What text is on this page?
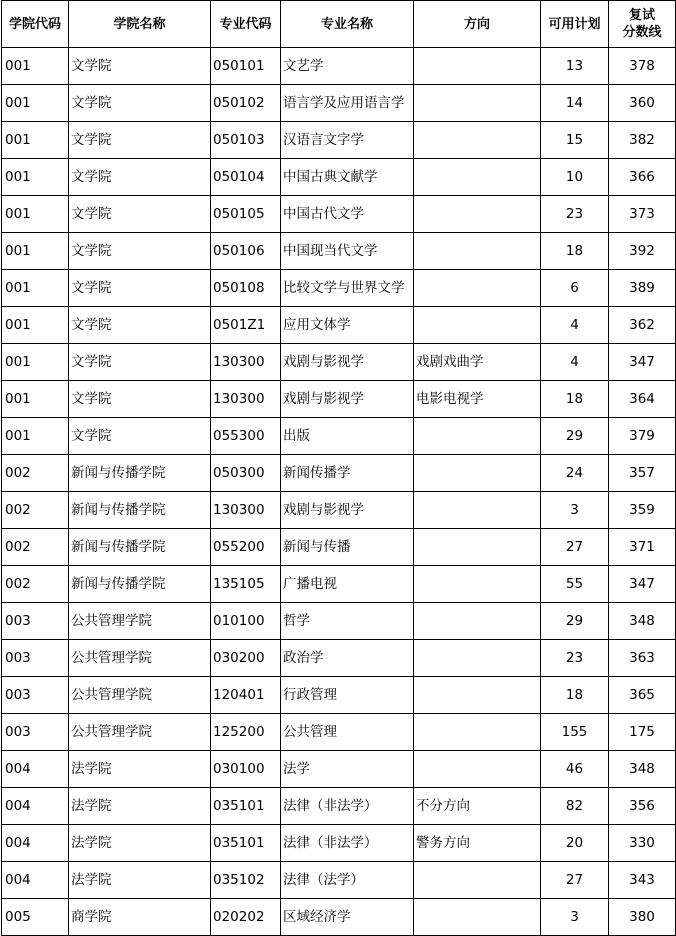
学院代码	学院名称	专业代码	专业名称	方向	可用计划	复试
分数线

001	文学院	050101	文艺学		13	378
001	文学院	050102	语言学及应用语言学		14	360
001	文学院	050103	汉语言文字学		15	382
001	文学院	050104	中国古典文献学		10	366
001	文学院	050105	中国古代文学		23	373
001	文学院	050106	中国现当代文学		18	392
001	文学院	050108	比较文学与世界文学		6	389
001	文学院	0501Z1	应用文体学		4	362
001	文学院	130300	戏剧与影视学	戏剧戏曲学	4	347
001	文学院	130300	戏剧与影视学	电影电视学	18	364
001	文学院	055300	出版		29	379
002	新闻与传播学院	050300	新闻传播学		24	357
002	新闻与传播学院	130300	戏剧与影视学		3	359
002	新闻与传播学院	055200	新闻与传播		27	371
002	新闻与传播学院	135105	广播电视		55	347
003	公共管理学院	010100	哲学		29	348
003	公共管理学院	030200	政治学		23	363
003	公共管理学院	120401	行政管理		18	365
003	公共管理学院	125200	公共管理		155	175
004	法学院	030100	法学		46	348
004	法学院	035101	法律（非法学）	不分方向	82	356
004	法学院	035101	法律（非法学）	警务方向	20	330
004	法学院	035102	法律（法学）		27	343
005	商学院	020202	区域经济学		3	380
